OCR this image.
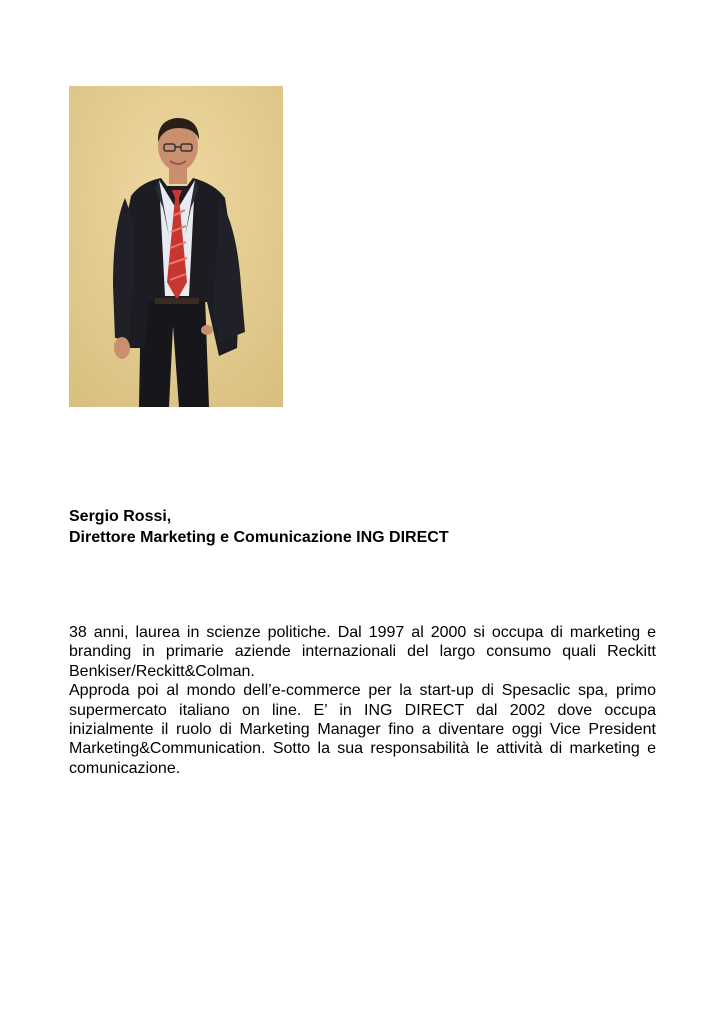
Sergio Rossi,
Direttore Marketing e Comunicazione ING DIRECT

38 anni, laurea in scienze politiche. Dal 1997 al 2000 si occupa di marketing e branding in primarie aziende internazionali del largo consumo quali Reckitt Benkiser/Reckitt&Colman.

Approda poi al mondo dell’e-commerce per la start-up di Spesaclic spa, primo supermercato italiano on line. E’ in ING DIRECT dal 2002 dove occupa inizialmente il ruolo di Marketing Manager fino a diventare oggi Vice President Marketing&Communication. Sotto la sua responsabilità le attività di marketing e comunicazione.
